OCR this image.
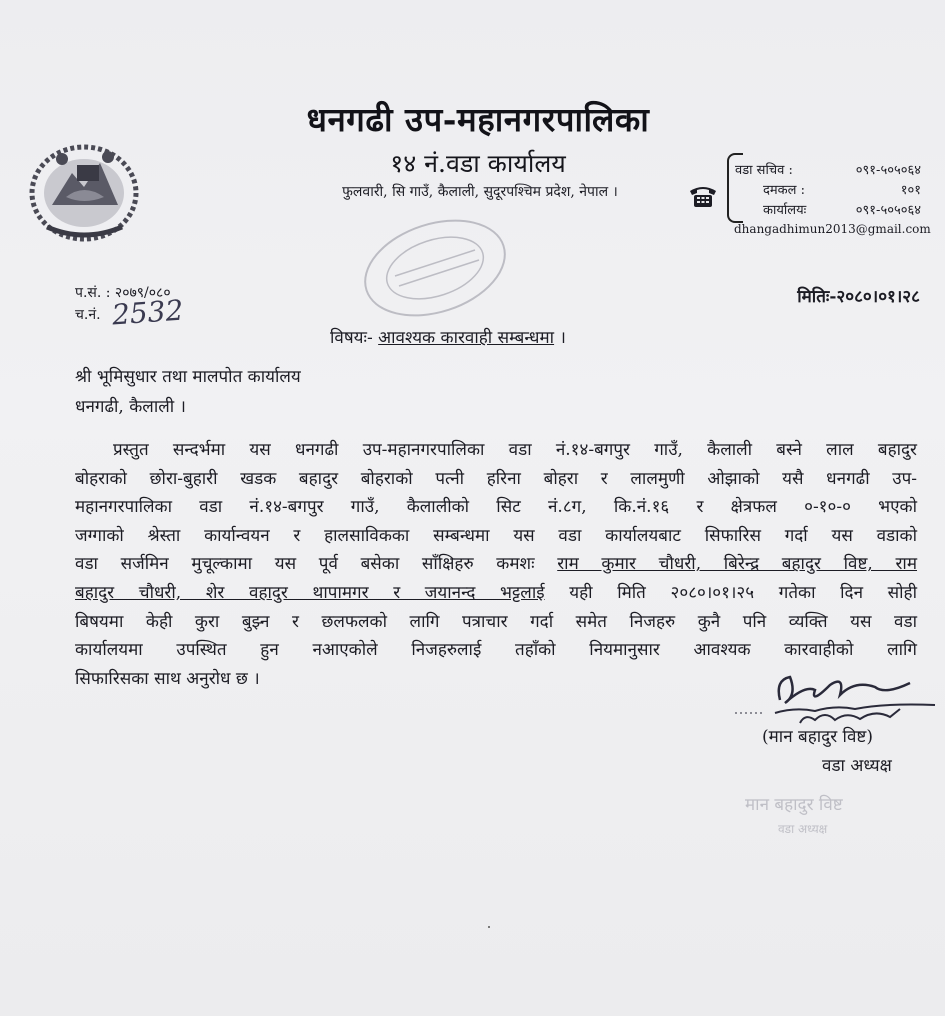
धनगढी उप-महानगरपालिका
१४ नं.वडा कार्यालय
फुलवारी, सि गाउँ, कैलाली, सुदूरपश्चिम प्रदेश, नेपाल ।
वडा सचिव :	०९१-५०५०६४
दमकल :	१०१
कार्यालयः	०९१-५०५०६४
dhangadhimun2013@gmail.com
प.सं. : २०७९/०८०
च.नं. 2532	मितिः-२०८०।०१।२८
विषयः- आवश्यक कारवाही सम्बन्धमा ।
श्री भूमिसुधार तथा मालपोत कार्यालय
धनगढी, कैलाली ।
प्रस्तुत सन्दर्भमा यस धनगढी उप-महानगरपालिका वडा नं.१४-बगपुर गाउँ, कैलाली बस्ने लाल बहादुर
बोहराको छोरा-बुहारी खडक बहादुर बोहराको पत्नी हरिना बोहरा र लालमुणी ओझाको यसै धनगढी उप-
महानगरपालिका वडा नं.१४-बगपुर गाउँ, कैलालीको सिट नं.८ग, कि.नं.१६ र क्षेत्रफल ०-१०-० भएको
जग्गाको श्रेस्ता कार्यान्वयन र हालसाविकका सम्बन्धमा यस वडा कार्यालयबाट सिफारिस गर्दा यस वडाको
वडा सर्जमिन मुचूल्कामा यस पूर्व बसेका साँक्षिहरु कमशः राम कुमार चौधरी, बिरेन्द्र बहादुर विष्ट, राम
बहादुर चौधरी, शेर वहादुर थापामगर र जयानन्द भट्टलाई यही मिति २०८०।०१।२५ गतेका दिन सोही
बिषयमा केही कुरा बुझ्न र छलफलको लागि पत्राचार गर्दा समेत निजहरु कुनै पनि व्यक्ति यस वडा
कार्यालयमा उपस्थित हुन नआएकोले निजहरुलाई तहाँको नियमानुसार आवश्यक कारवाहीको लागि
सिफारिसका साथ अनुरोध छ ।
(मान बहादुर विष्ट)
वडा अध्यक्ष
मान बहादुर विष्ट
वडा अध्यक्ष
